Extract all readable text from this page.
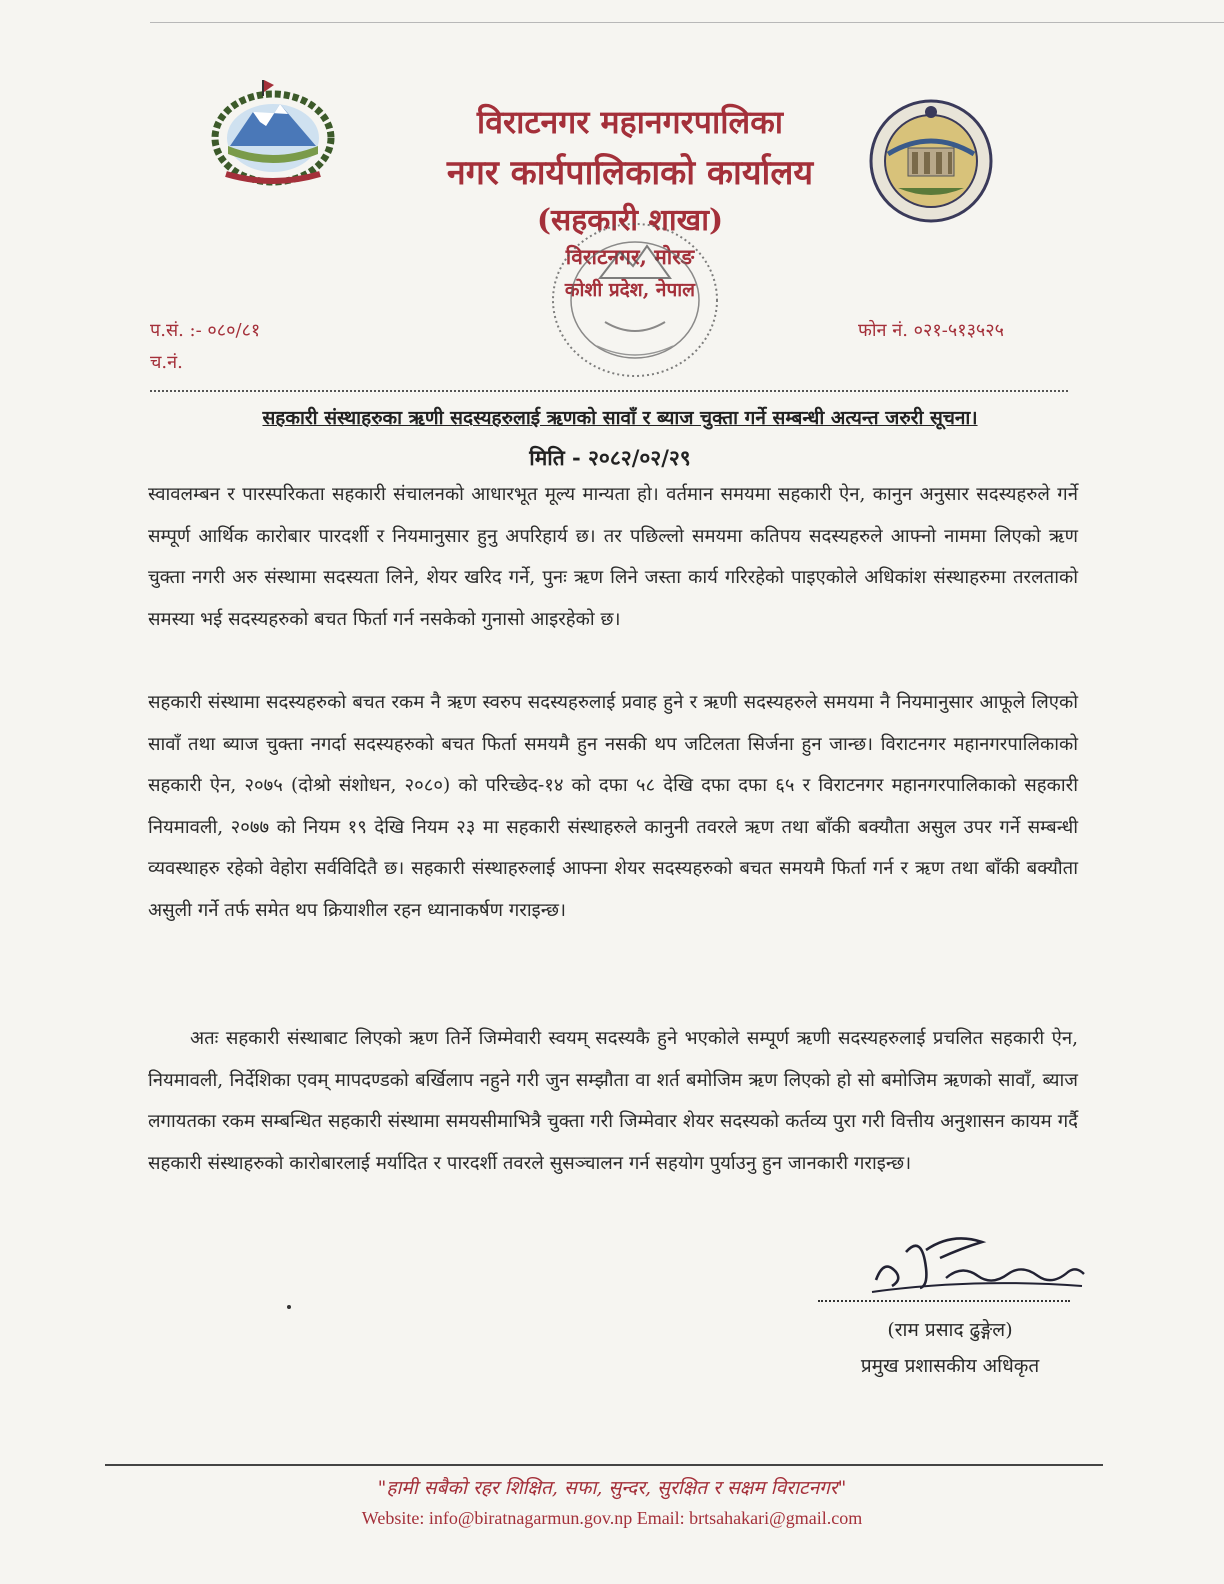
विराटनगर महानगरपालिका
नगर कार्यपालिकाको कार्यालय
(सहकारी शाखा)
विराटनगर, मोरङ
कोशी प्रदेश, नेपाल
प.सं. :- ०८०/८१
च.नं.
फोन नं. ०२१-५१३५२५
सहकारी संस्थाहरुका ऋणी सदस्यहरुलाई ऋणको सावाँ र ब्याज चुक्ता गर्ने सम्बन्धी अत्यन्त जरुरी सूचना।
मिति - २०८२/०२/२९
स्वावलम्बन र पारस्परिकता सहकारी संचालनको आधारभूत मूल्य मान्यता हो। वर्तमान समयमा सहकारी ऐन, कानुन अनुसार सदस्यहरुले गर्ने सम्पूर्ण आर्थिक कारोबार पारदर्शी र नियमानुसार हुनु अपरिहार्य छ। तर पछिल्लो समयमा कतिपय सदस्यहरुले आफ्नो नाममा लिएको ऋण चुक्ता नगरी अरु संस्थामा सदस्यता लिने, शेयर खरिद गर्ने, पुनः ऋण लिने जस्ता कार्य गरिरहेको पाइएकोले अधिकांश संस्थाहरुमा तरलताको समस्या भई सदस्यहरुको बचत फिर्ता गर्न नसकेको गुनासो आइरहेको छ।
सहकारी संस्थामा सदस्यहरुको बचत रकम नै ऋण स्वरुप सदस्यहरुलाई प्रवाह हुने र ऋणी सदस्यहरुले समयमा नै नियमानुसार आफूले लिएको सावाँ तथा ब्याज चुक्ता नगर्दा सदस्यहरुको बचत फिर्ता समयमै हुन नसकी थप जटिलता सिर्जना हुन जान्छ। विराटनगर महानगरपालिकाको सहकारी ऐन, २०७५ (दोश्रो संशोधन, २०८०) को परिच्छेद-१४ को दफा ५८ देखि दफा दफा ६५ र विराटनगर महानगरपालिकाको सहकारी नियमावली, २०७७ को नियम १९ देखि नियम २३ मा सहकारी संस्थाहरुले कानुनी तवरले ऋण तथा बाँकी बक्यौता असुल उपर गर्ने सम्बन्धी व्यवस्थाहरु रहेको वेहोरा सर्वविदितै छ। सहकारी संस्थाहरुलाई आफ्ना शेयर सदस्यहरुको बचत समयमै फिर्ता गर्न र ऋण तथा बाँकी बक्यौता असुली गर्ने तर्फ समेत थप क्रियाशील रहन ध्यानाकर्षण गराइन्छ।
अतः सहकारी संस्थाबाट लिएको ऋण तिर्ने जिम्मेवारी स्वयम् सदस्यकै हुने भएकोले सम्पूर्ण ऋणी सदस्यहरुलाई प्रचलित सहकारी ऐन, नियमावली, निर्देशिका एवम् मापदण्डको बर्खिलाप नहुने गरी जुन सम्झौता वा शर्त बमोजिम ऋण लिएको हो सो बमोजिम ऋणको सावाँ, ब्याज लगायतका रकम सम्बन्धित सहकारी संस्थामा समयसीमाभित्रै चुक्ता गरी जिम्मेवार शेयर सदस्यको कर्तव्य पुरा गरी वित्तीय अनुशासन कायम गर्दै सहकारी संस्थाहरुको कारोबारलाई मर्यादित र पारदर्शी तवरले सुसञ्चालन गर्न सहयोग पुर्याउनु हुन जानकारी गराइन्छ।
(राम प्रसाद ढुङ्गेल)
प्रमुख प्रशासकीय अधिकृत
"हामी सबैको रहर शिक्षित, सफा, सुन्दर, सुरक्षित र सक्षम विराटनगर"
Website: info@biratnagarmun.gov.np Email: brtsahakari@gmail.com
